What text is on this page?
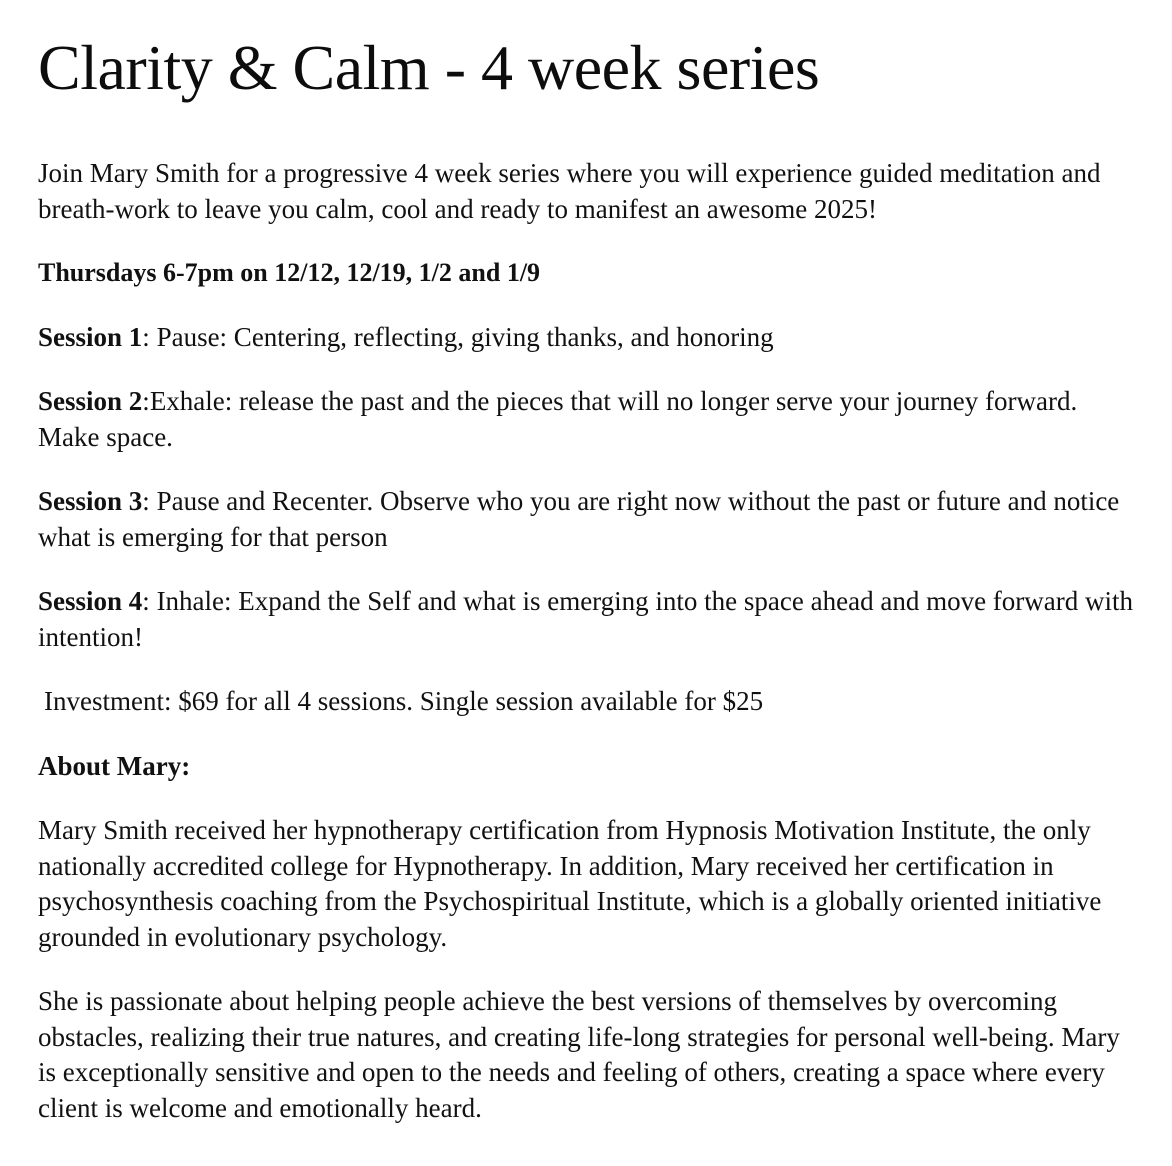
Clarity & Calm - 4 week series

Join Mary Smith for a progressive 4 week series where you will experience guided meditation and breath-work to leave you calm, cool and ready to manifest an awesome 2025!

Thursdays 6-7pm on 12/12, 12/19, 1/2 and 1/9

Session 1: Pause: Centering, reflecting, giving thanks, and honoring

Session 2:Exhale: release the past and the pieces that will no longer serve your journey forward. Make space.

Session 3: Pause and Recenter. Observe who you are right now without the past or future and notice what is emerging for that person

Session 4: Inhale: Expand the Self and what is emerging into the space ahead and move forward with intention!

Investment: $69 for all 4 sessions. Single session available for $25

About Mary:

Mary Smith received her hypnotherapy certification from Hypnosis Motivation Institute, the only nationally accredited college for Hypnotherapy. In addition, Mary received her certification in psychosynthesis coaching from the Psychospiritual Institute, which is a globally oriented initiative grounded in evolutionary psychology.

She is passionate about helping people achieve the best versions of themselves by overcoming obstacles, realizing their true natures, and creating life-long strategies for personal well-being. Mary is exceptionally sensitive and open to the needs and feeling of others, creating a space where every client is welcome and emotionally heard.
